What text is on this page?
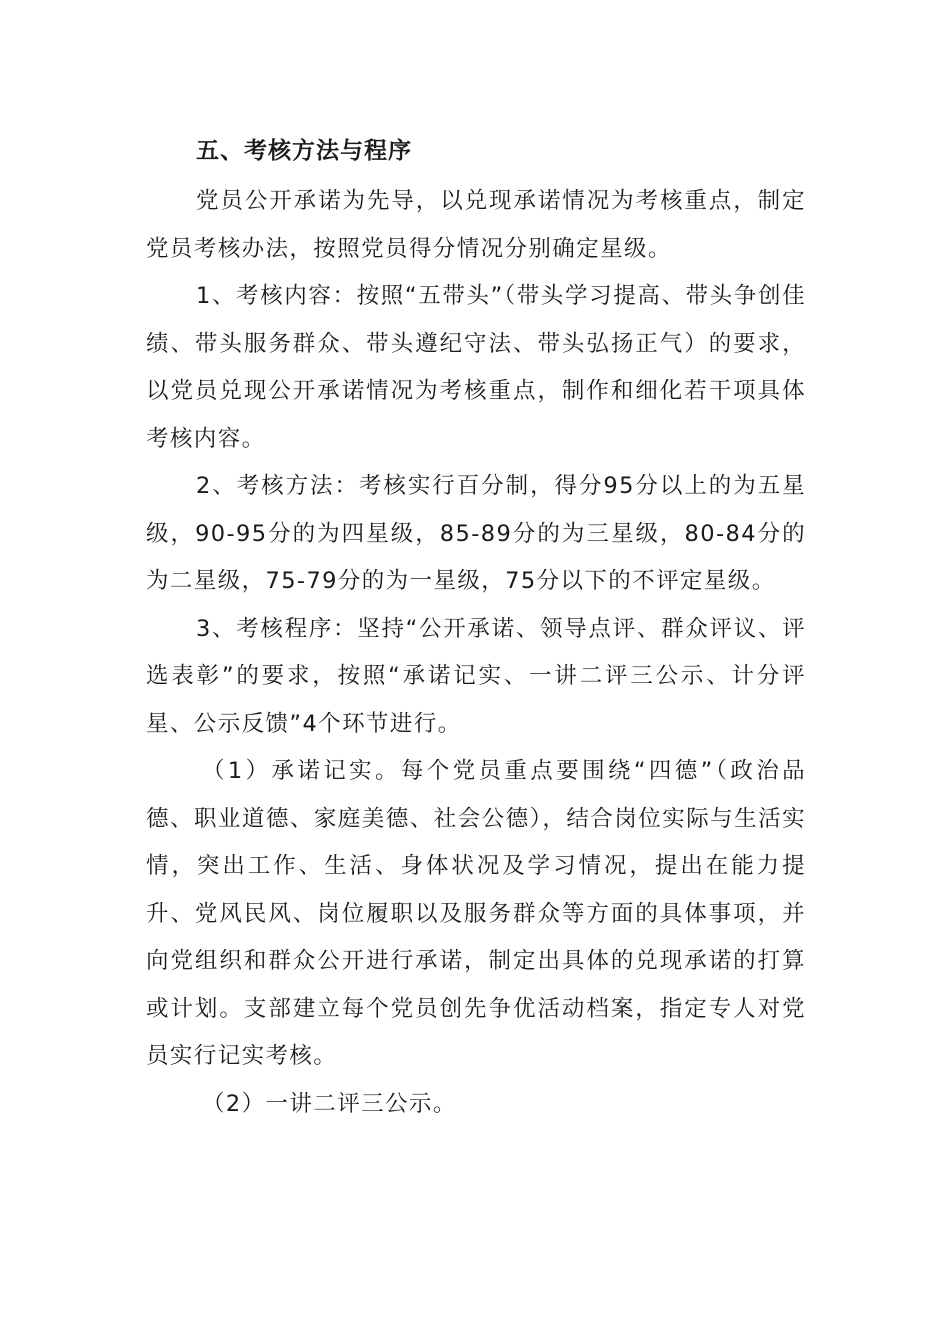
五、考核方法与程序

党员公开承诺为先导，以兑现承诺情况为考核重点，制定党员考核办法，按照党员得分情况分别确定星级。

1、考核内容：按照“五带头”（带头学习提高、带头争创佳绩、带头服务群众、带头遵纪守法、带头弘扬正气）的要求，以党员兑现公开承诺情况为考核重点，制作和细化若干项具体考核内容。

2、考核方法：考核实行百分制，得分95分以上的为五星级，90-95分的为四星级，85-89分的为三星级，80-84分的为二星级，75-79分的为一星级，75分以下的不评定星级。

3、考核程序：坚持“公开承诺、领导点评、群众评议、评选表彰”的要求，按照“承诺记实、一讲二评三公示、计分评星、公示反馈”4个环节进行。

（1）承诺记实。每个党员重点要围绕“四德”（政治品德、职业道德、家庭美德、社会公德），结合岗位实际与生活实情，突出工作、生活、身体状况及学习情况，提出在能力提升、党风民风、岗位履职以及服务群众等方面的具体事项，并向党组织和群众公开进行承诺，制定出具体的兑现承诺的打算或计划。支部建立每个党员创先争优活动档案，指定专人对党员实行记实考核。

（2）一讲二评三公示。
